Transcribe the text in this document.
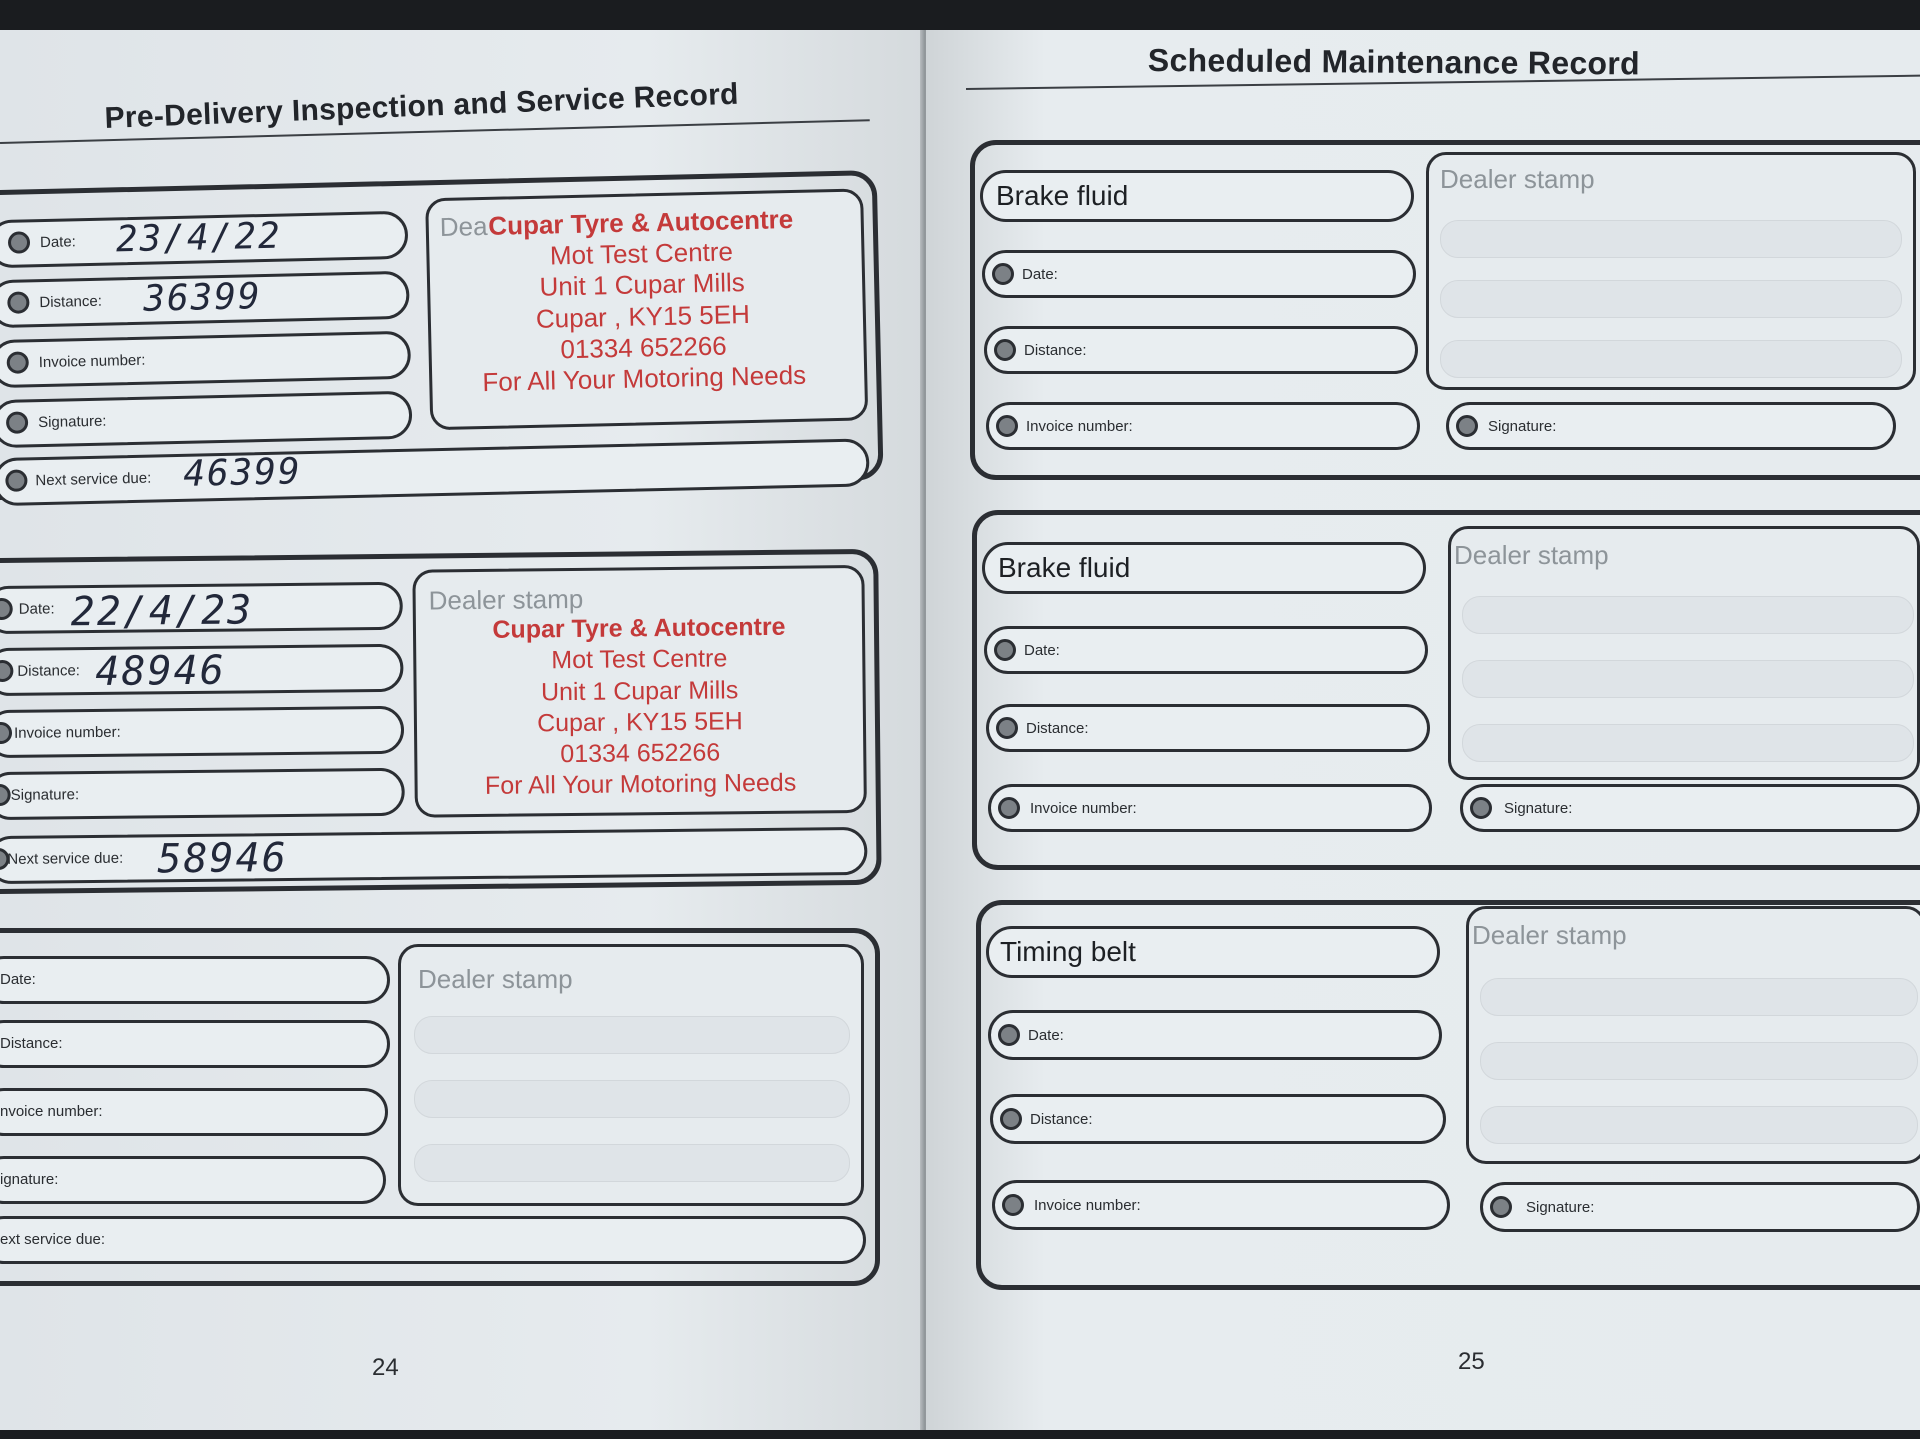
Pre-Delivery Inspection and Service Record
Date: 23/4/22
Distance: 36399
Invoice number:
Signature:
Next service due: 46399
Dea Cupar Tyre & Autocentre
Mot Test Centre
Unit 1 Cupar Mills
Cupar , KY15 5EH
01334 652266
For All Your Motoring Needs
Date: 22/4/23
Distance: 48946
Invoice number:
Signature:
Next service due: 58946
Dealer stamp
Cupar Tyre & Autocentre
Mot Test Centre
Unit 1 Cupar Mills
Cupar , KY15 5EH
01334 652266
For All Your Motoring Needs
Date:
Distance:
nvoice number:
ignature:
ext service due:
Dealer stamp
24
Scheduled Maintenance Record
Brake fluid
Date:
Distance:
Invoice number:
Dealer stamp
Signature:
Brake fluid
Date:
Distance:
Invoice number:
Dealer stamp
Signature:
Timing belt
Date:
Distance:
Invoice number:
Dealer stamp
Signature:
25
